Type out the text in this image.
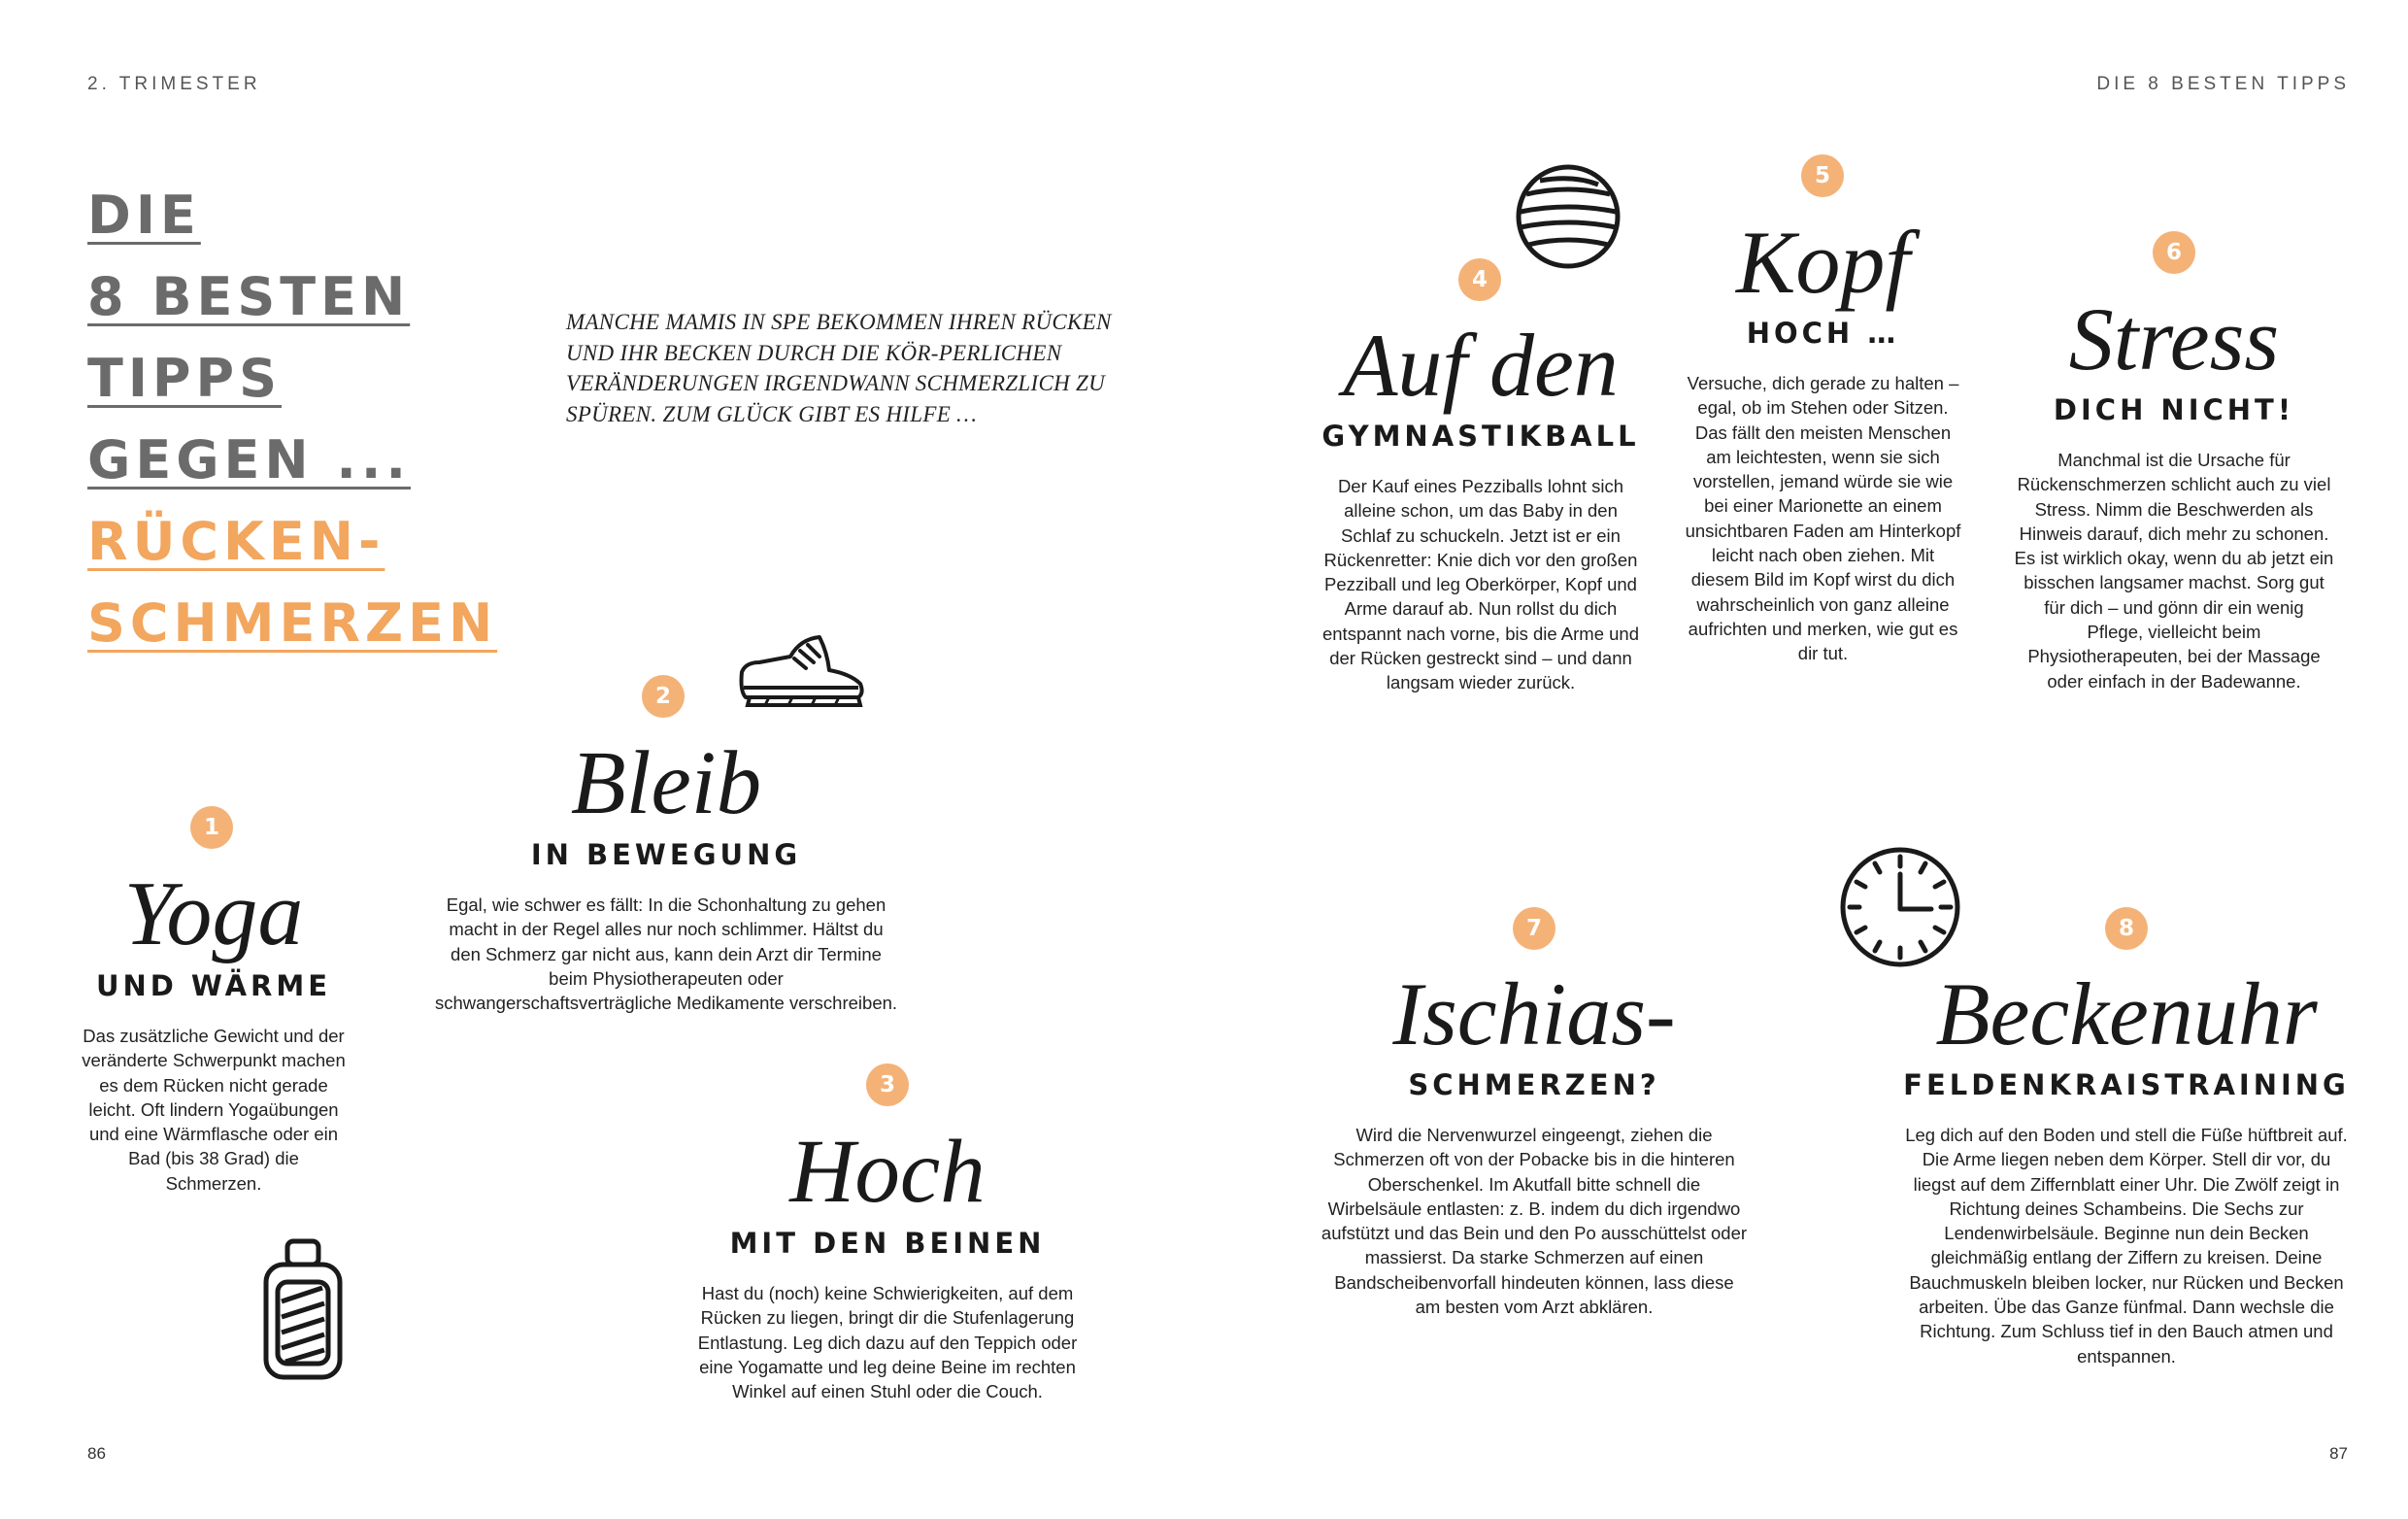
2. TRIMESTER	DIE 8 BESTEN TIPPS
DIE
8 BESTEN
TIPPS
GEGEN ...
RÜCKEN-
SCHMERZEN
MANCHE MAMIS IN SPE BEKOMMEN IHREN RÜCKEN UND IHR BECKEN DURCH DIE KÖR-PERLICHEN VERÄNDERUNGEN IRGENDWANN SCHMERZLICH ZU SPÜREN. ZUM GLÜCK GIBT ES HILFE …
1
Yoga
UND WÄRME
Das zusätzliche Gewicht und der veränderte Schwerpunkt machen es dem Rücken nicht gerade leicht. Oft lindern Yogaübungen und eine Wärmflasche oder ein Bad (bis 38 Grad) die Schmerzen.
2
Bleib
IN BEWEGUNG
Egal, wie schwer es fällt: In die Schonhaltung zu gehen macht in der Regel alles nur noch schlimmer. Hältst du den Schmerz gar nicht aus, kann dein Arzt dir Termine beim Physiotherapeuten oder schwangerschaftsverträgliche Medikamente verschreiben.
3
Hoch
MIT DEN BEINEN
Hast du (noch) keine Schwierigkeiten, auf dem Rücken zu liegen, bringt dir die Stufenlagerung Entlastung. Leg dich dazu auf den Teppich oder eine Yogamatte und leg deine Beine im rechten Winkel auf einen Stuhl oder die Couch.
4
Auf den
GYMNASTIKBALL
Der Kauf eines Pezziballs lohnt sich alleine schon, um das Baby in den Schlaf zu schuckeln. Jetzt ist er ein Rückenretter: Knie dich vor den großen Pezziball und leg Oberkörper, Kopf und Arme darauf ab. Nun rollst du dich entspannt nach vorne, bis die Arme und der Rücken gestreckt sind – und dann langsam wieder zurück.
5
Kopf
HOCH …
Versuche, dich gerade zu halten – egal, ob im Stehen oder Sitzen. Das fällt den meisten Menschen am leichtesten, wenn sie sich vorstellen, jemand würde sie wie bei einer Marionette an einem unsichtbaren Faden am Hinterkopf leicht nach oben ziehen. Mit diesem Bild im Kopf wirst du dich wahrscheinlich von ganz alleine aufrichten und merken, wie gut es dir tut.
6
Stress
DICH NICHT!
Manchmal ist die Ursache für Rückenschmerzen schlicht auch zu viel Stress. Nimm die Beschwerden als Hinweis darauf, dich mehr zu schonen. Es ist wirklich okay, wenn du ab jetzt ein bisschen langsamer machst. Sorg gut für dich – und gönn dir ein wenig Pflege, vielleicht beim Physiotherapeuten, bei der Massage oder einfach in der Badewanne.
7
Ischias-
SCHMERZEN?
Wird die Nervenwurzel eingeengt, ziehen die Schmerzen oft von der Pobacke bis in die hinteren Oberschenkel. Im Akutfall bitte schnell die Wirbelsäule entlasten: z. B. indem du dich irgendwo aufstützt und das Bein und den Po ausschüttelst oder massierst. Da starke Schmerzen auf einen Bandscheibenvorfall hindeuten können, lass diese am besten vom Arzt abklären.
8
Beckenuhr
FELDENKRAISTRAINING
Leg dich auf den Boden und stell die Füße hüftbreit auf. Die Arme liegen neben dem Körper. Stell dir vor, du liegst auf dem Ziffernblatt einer Uhr. Die Zwölf zeigt in Richtung deines Schambeins. Die Sechs zur Lendenwirbelsäule. Beginne nun dein Becken gleichmäßig entlang der Ziffern zu kreisen. Deine Bauchmuskeln bleiben locker, nur Rücken und Becken arbeiten. Übe das Ganze fünfmal. Dann wechsle die Richtung. Zum Schluss tief in den Bauch atmen und entspannen.
86	87
